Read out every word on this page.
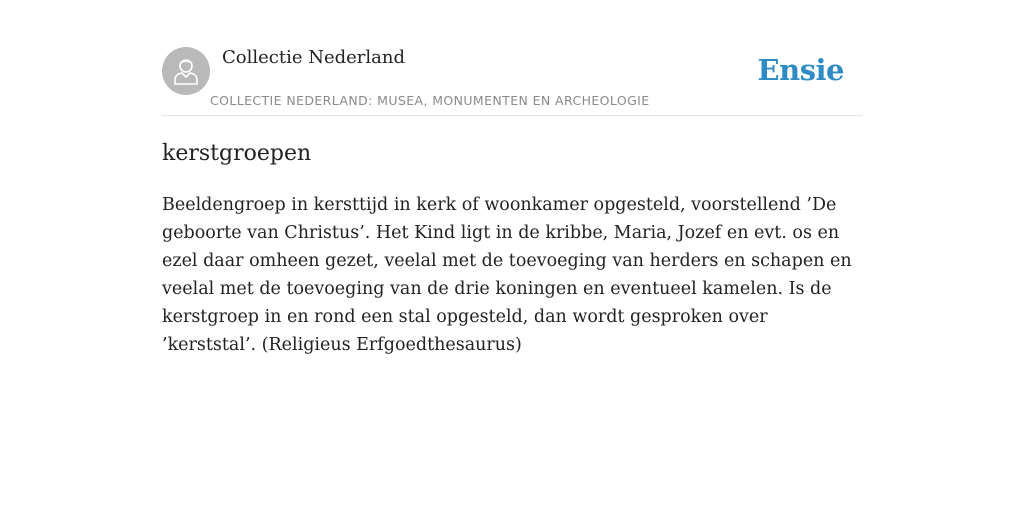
Collectie Nederland
COLLECTIE NEDERLAND: MUSEA, MONUMENTEN EN ARCHEOLOGIE
Ensie
kerstgroepen

Beeldengroep in kersttijd in kerk of woonkamer opgesteld, voorstellend ’De geboorte van Christus’. Het Kind ligt in de kribbe, Maria, Jozef en evt. os en ezel daar omheen gezet, veelal met de toevoeging van herders en schapen en veelal met de toevoeging van de drie koningen en eventueel kamelen. Is de kerstgroep in en rond een stal opgesteld, dan wordt gesproken over ’kerststal’. (Religieus Erfgoedthesaurus)
